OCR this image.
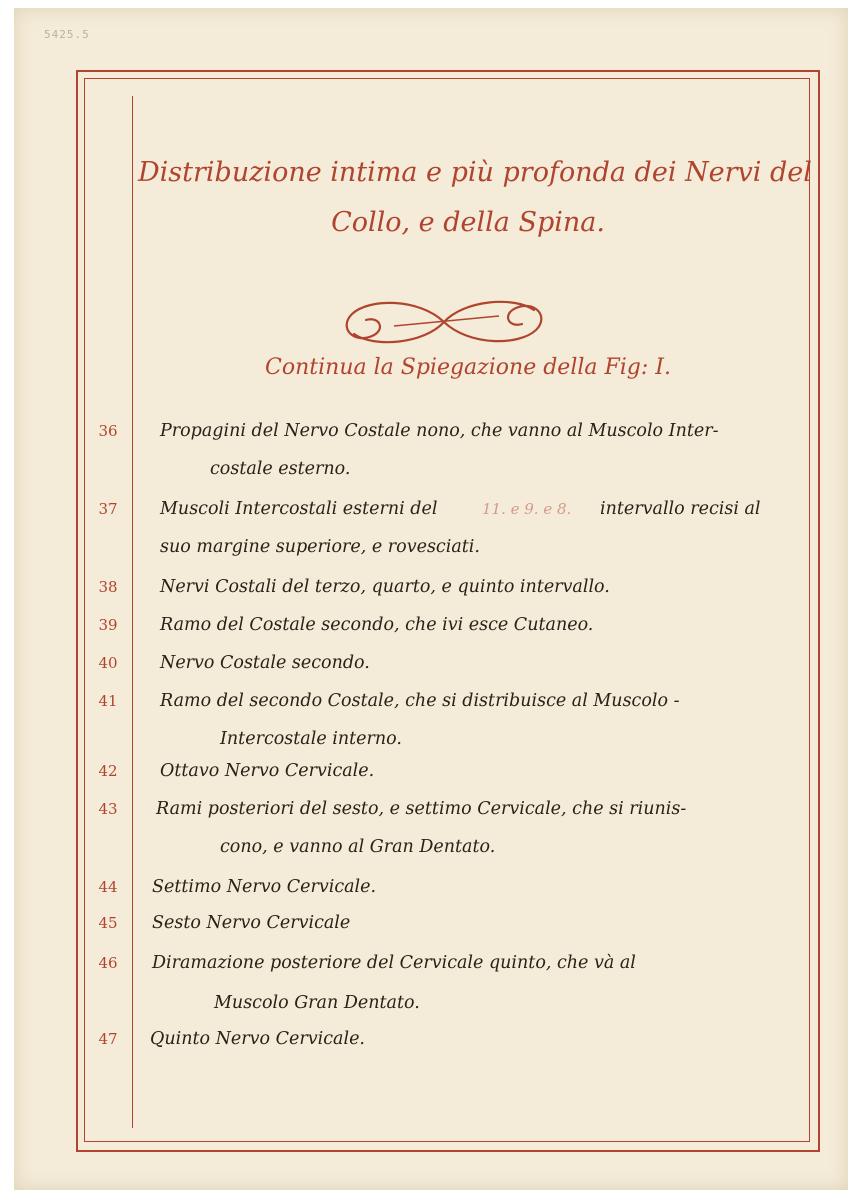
5425.5
Distribuzione intima e più profonda dei Nervi del
Collo, e della Spina.
Continua la Spiegazione della Fig: I.
36	Propagini del Nervo Costale nono, che vanno al Muscolo Inter-
costale esterno.
37	Muscoli Intercostali esterni del	11. e 9. e 8. intervallo recisi al
suo margine superiore, e rovesciati.
38	Nervi Costali del terzo, quarto, e quinto intervallo.
39	Ramo del Costale secondo, che ivi esce Cutaneo.
40	Nervo Costale secondo.
41	Ramo del secondo Costale, che si distribuisce al Muscolo -
Intercostale interno.
42	Ottavo Nervo Cervicale.
43	Rami posteriori del sesto, e settimo Cervicale, che si riunis-
cono, e vanno al Gran Dentato.
44	Settimo Nervo Cervicale.
45	Sesto Nervo Cervicale
46	Diramazione posteriore del Cervicale quinto, che và al
Muscolo Gran Dentato.
47	Quinto Nervo Cervicale.
